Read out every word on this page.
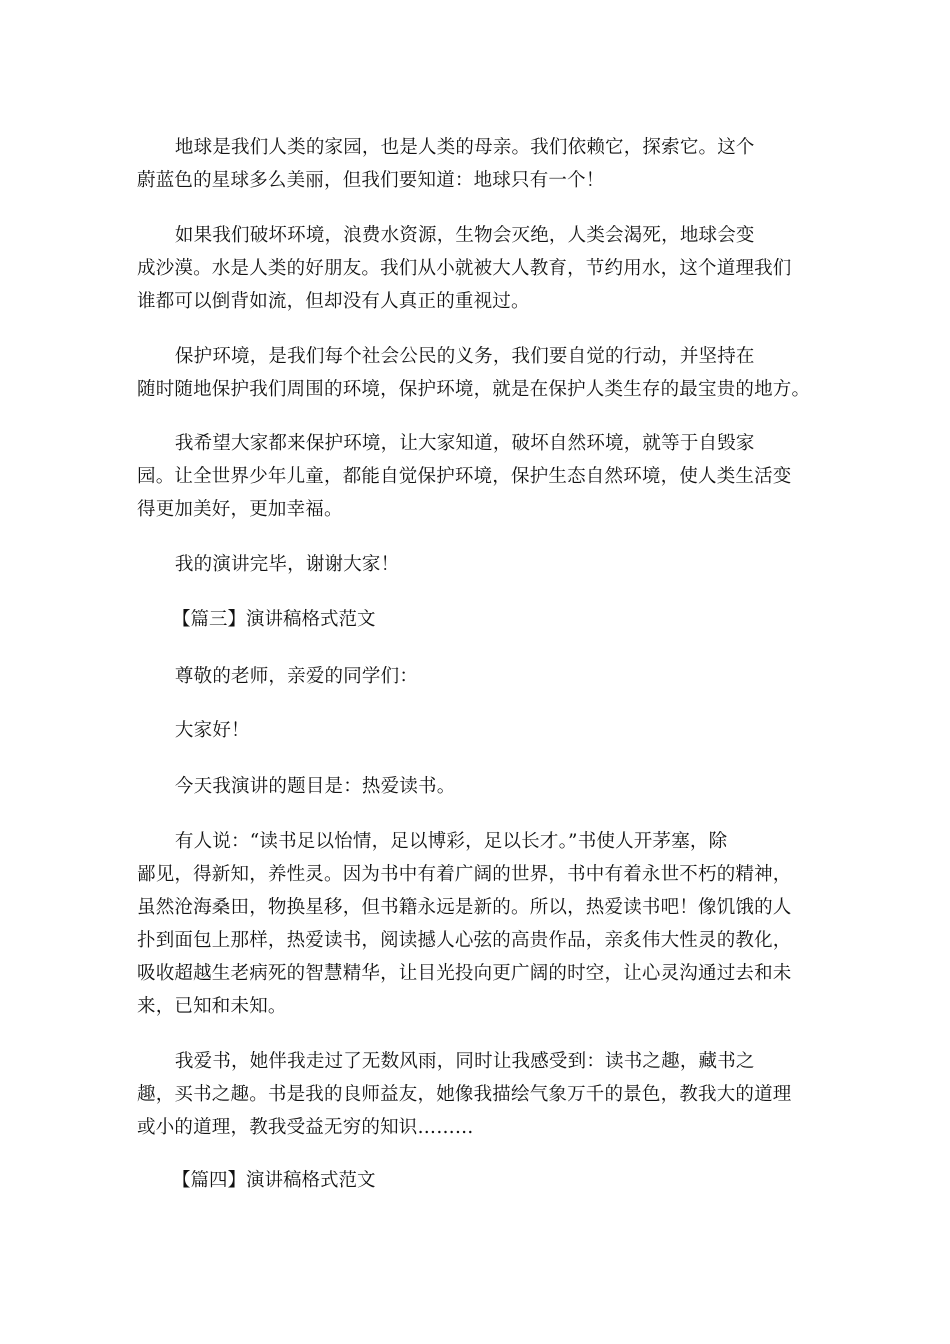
地球是我们人类的家园，也是人类的母亲。我们依赖它，探索它。这个
蔚蓝色的星球多么美丽，但我们要知道：地球只有一个！

如果我们破坏环境，浪费水资源，生物会灭绝，人类会渴死，地球会变
成沙漠。水是人类的好朋友。我们从小就被大人教育，节约用水，这个道理我们
谁都可以倒背如流，但却没有人真正的重视过。

保护环境，是我们每个社会公民的义务，我们要自觉的行动，并坚持在
随时随地保护我们周围的环境，保护环境，就是在保护人类生存的最宝贵的地方。

我希望大家都来保护环境，让大家知道，破坏自然环境，就等于自毁家
园。让全世界少年儿童，都能自觉保护环境，保护生态自然环境，使人类生活变
得更加美好，更加幸福。

我的演讲完毕，谢谢大家！

【篇三】演讲稿格式范文

尊敬的老师，亲爱的同学们：

大家好！

今天我演讲的题目是：热爱读书。

有人说：“读书足以怡情，足以博彩，足以长才。”书使人开茅塞，除
鄙见，得新知，养性灵。因为书中有着广阔的世界，书中有着永世不朽的精神，
虽然沧海桑田，物换星移，但书籍永远是新的。所以，热爱读书吧！像饥饿的人
扑到面包上那样，热爱读书，阅读撼人心弦的高贵作品，亲炙伟大性灵的教化，
吸收超越生老病死的智慧精华，让目光投向更广阔的时空，让心灵沟通过去和未
来，已知和未知。

我爱书，她伴我走过了无数风雨，同时让我感受到：读书之趣，藏书之
趣，买书之趣。书是我的良师益友，她像我描绘气象万千的景色，教我大的道理
或小的道理，教我受益无穷的知识………

【篇四】演讲稿格式范文
